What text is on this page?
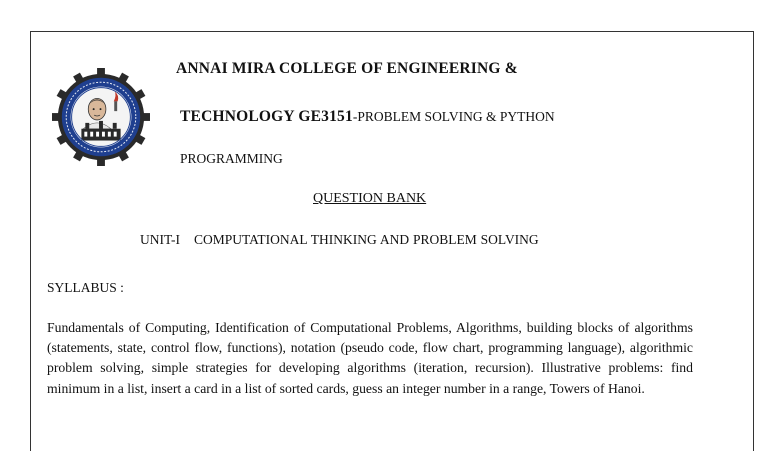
ANNAI MIRA COLLEGE OF ENGINEERING &
TECHNOLOGY GE3151-PROBLEM SOLVING & PYTHON
PROGRAMMING
QUESTION BANK
UNIT-I COMPUTATIONAL THINKING AND PROBLEM SOLVING
SYLLABUS :
Fundamentals of Computing, Identification of Computational Problems, Algorithms, building blocks of algorithms (statements, state, control flow, functions), notation (pseudo code, flow chart, programming language), algorithmic problem solving, simple strategies for developing algorithms (iteration, recursion). Illustrative problems: find minimum in a list, insert a card in a list of sorted cards, guess an integer number in a range, Towers of Hanoi.
